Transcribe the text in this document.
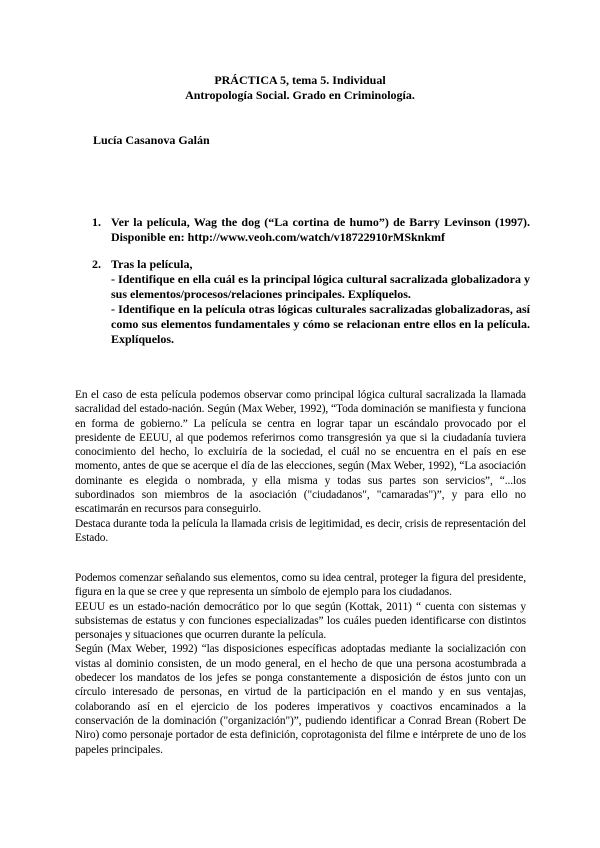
PRÁCTICA 5, tema 5. Individual
Antropología Social. Grado en Criminología.
Lucía Casanova Galán
1. Ver la película, Wag the dog (“La cortina de humo”) de Barry Levinson (1997). Disponible en: http://www.veoh.com/watch/v18722910rMSknkmf
2. Tras la película,
- Identifique en ella cuál es la principal lógica cultural sacralizada globalizadora y sus elementos/procesos/relaciones principales. Explíquelos.
- Identifique en la película otras lógicas culturales sacralizadas globalizadoras, así como sus elementos fundamentales y cómo se relacionan entre ellos en la película. Explíquelos.

En el caso de esta película podemos observar como principal lógica cultural sacralizada la llamada sacralidad del estado-nación. Según (Max Weber, 1992), “Toda dominación se manifiesta y funciona en forma de gobierno.” La película se centra en lograr tapar un escándalo provocado por el presidente de EEUU, al que podemos referirnos como transgresión ya que si la ciudadanía tuviera conocimiento del hecho, lo excluiría de la sociedad, el cuál no se encuentra en el país en ese momento, antes de que se acerque el día de las elecciones, según (Max Weber, 1992), “La asociación dominante es elegida o nombrada, y ella misma y todas sus partes son servicios”, “...los subordinados son miembros de la asociación ("ciudadanos", "camaradas")”, y para ello no escatimarán en recursos para conseguirlo.

Destaca durante toda la película la llamada crisis de legitimidad, es decir, crisis de representación del Estado.

Podemos comenzar señalando sus elementos, como su idea central, proteger la figura del presidente, figura en la que se cree y que representa un símbolo de ejemplo para los ciudadanos.

EEUU es un estado-nación democrático por lo que según (Kottak, 2011) “ cuenta con sistemas y subsistemas de estatus y con funciones especializadas” los cuáles pueden identificarse con distintos personajes y situaciones que ocurren durante la película.

Según (Max Weber, 1992) “las disposiciones específicas adoptadas mediante la socialización con vistas al dominio consisten, de un modo general, en el hecho de que una persona acostumbrada a obedecer los mandatos de los jefes se ponga constantemente a disposición de éstos junto con un círculo interesado de personas, en virtud de la participación en el mando y en sus ventajas, colaborando así en el ejercicio de los poderes imperativos y coactivos encaminados a la conservación de la dominación ("organización")”, pudiendo identificar a Conrad Brean (Robert De Niro) como personaje portador de esta definición, coprotagonista del filme e intérprete de uno de los papeles principales.
